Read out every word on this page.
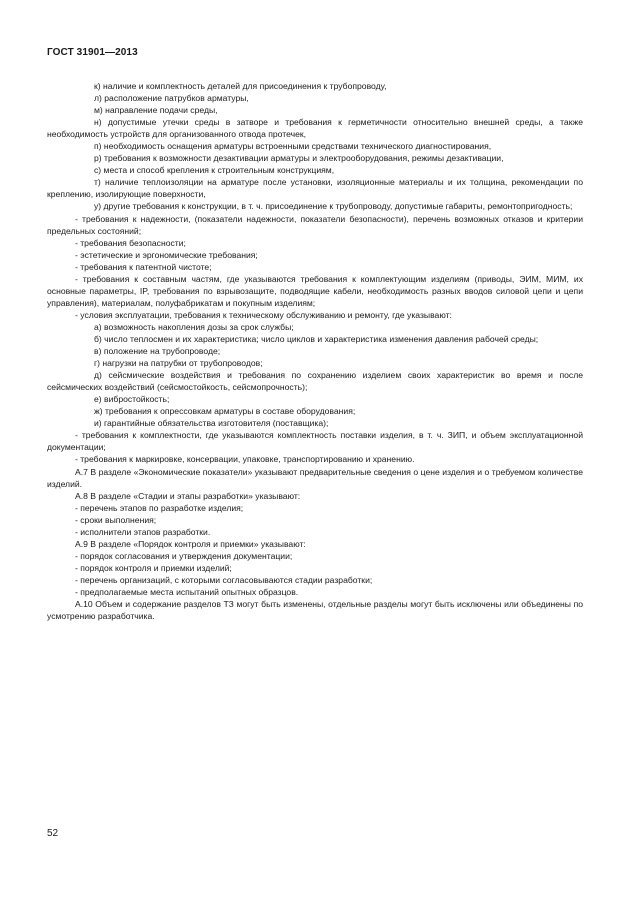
ГОСТ 31901—2013

к) наличие и комплектность деталей для присоединения к трубопроводу,

л) расположение патрубков арматуры,

м) направление подачи среды,

н) допустимые утечки среды в затворе и требования к герметичности относительно внешней среды, а также необходимость устройств для организованного отвода протечек,

п) необходимость оснащения арматуры встроенными средствами технического диагностирования,

р) требования к возможности дезактивации арматуры и электрооборудования, режимы дезактивации,

с) места и способ крепления к строительным конструкциям,

т) наличие теплоизоляции на арматуре после установки, изоляционные материалы и их толщина, рекомендации по креплению, изолирующие поверхности,

у) другие требования к конструкции, в т. ч. присоединение к трубопроводу, допустимые габариты, ремонтопригодность;

- требования к надежности, (показатели надежности, показатели безопасности), перечень возможных отказов и критерии предельных состояний;

- требования безопасности;

- эстетические и эргономические требования;

- требования к патентной чистоте;

- требования к составным частям, где указываются требования к комплектующим изделиям (приводы, ЭИМ, МИМ, их основные параметры, IP, требования по взрывозащите, подводящие кабели, необходимость разных вводов силовой цепи и цепи управления), материалам, полуфабрикатам и покупным изделиям;

- условия эксплуатации, требования к техническому обслуживанию и ремонту, где указывают:

а) возможность накопления дозы за срок службы;

б) число теплосмен и их характеристика; число циклов и характеристика изменения давления рабочей среды;

в) положение на трубопроводе;

г) нагрузки на патрубки от трубопроводов;

д) сейсмические воздействия и требования по сохранению изделием своих характеристик во время и после сейсмических воздействий (сейсмостойкость, сейсмопрочность);

е) вибростойкость;

ж) требования к опрессовкам арматуры в составе оборудования;

и) гарантийные обязательства изготовителя (поставщика);

- требования к комплектности, где указываются комплектность поставки изделия, в т. ч. ЗИП, и объем эксплуатационной документации;

- требования к маркировке, консервации, упаковке, транспортированию и хранению.

А.7 В разделе «Экономические показатели» указывают предварительные сведения о цене изделия и о требуемом количестве изделий.

А.8 В разделе «Стадии и этапы разработки» указывают:

- перечень этапов по разработке изделия;

- сроки выполнения;

- исполнители этапов разработки.

А.9 В разделе «Порядок контроля и приемки» указывают:

- порядок согласования и утверждения документации;

- порядок контроля и приемки изделий;

- перечень организаций, с которыми согласовываются стадии разработки;

- предполагаемые места испытаний опытных образцов.

А.10 Объем и содержание разделов ТЗ могут быть изменены, отдельные разделы могут быть исключены или объединены по усмотрению разработчика.

52
